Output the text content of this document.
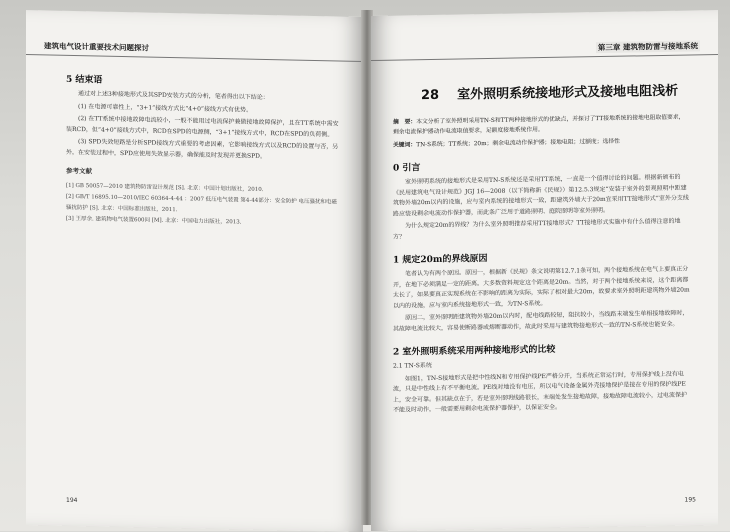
建筑电气设计重要技术问题探讨
5 结束语

通过对上述3种接地形式及其SPD安装方式的分析，笔者得出以下结论：

(1) 在电源可靠性上，“3+1”接线方式比“4+0”接线方式有优势。

(2) 在TT系统中接地故障电流较小，一般不能用过电流保护兼做接地故障保护，且在TT系统中需安装RCD，但“4+0”接线方式中，RCD在SPD的电源侧，“3+1”接线方式中，RCD在SPD的负荷侧。

(3) SPD失效短路是分析SPD接线方式重要的考虑因素，它影响接线方式以及RCD的设置与否，另外，在安装过程中，SPD应使用失效显示器，确保能及时发现并更换SPD。

参考文献

[1] GB 50057—2010 建筑物防雷设计规范 [S]. 北京：中国计划出版社，2010.

[2] GB/T 16895.10—2010/IEC 60364-4-44 ：2007 低压电气装置 第4-44部分：安全防护 电压骚扰和电磁骚扰防护 [S]. 北京：中国标准出版社，2011.

[3] 王厚余. 建筑物电气装置600问 [M]. 北京：中国电力出版社，2013.

194
第三章 建筑物防雷与接地系统
28 室外照明系统接地形式及接地电阻浅析

摘　要：本文分析了室外照明采用TN-S和TT两种接地形式的优缺点，并探讨了TT接地系统的接地电阻取值要求，剩余电流保护器动作电流取值要求，足额度接地系统作用。

关键词：TN-S系统；TT系统；20m；剩余电流动作保护器；接地电阻；过额度；选择性

0 引言

室外照明系统的接地形式是采用TN-S系统还是采用TT系统，一直是一个值得讨论的问题。根据新颁布的《民用建筑电气设计规范》JGJ 16—2008（以下简称新《民规》）第12.5.3规定“安装于室外的景观照明中距建筑物外墙20m以内的设施，应与室内系统的接地形式一致，距建筑外墙大于20m宜采用TT接地形式”室外分支线路应装设剩余电流动作保护器，而此条广泛用于道路照明、庭院照明等室外照明。

为什么规定20m的界线？为什么室外照明推荐采用TT接地形式？TT接地形式实施中有什么值得注意的地方？

1 规定20m的界线原因

笔者认为有两个原因。原因一，根据新《民规》条文说明第12.7.1条可知，两个接地系统在电气上要真正分开，在地下必须满足一定的距离。大多数资料规定这个距离是20m。当然，对于两个接地系统来说，这个距离都太长了，如果要真正实现系统在不影响的距离为实际，实际了相对最大20m，故要求室外照明距建筑物外墙20m以内的设施，应与室内系统接地形式一致，为TN-S系统。

原因二，室外照明距建筑物外墙20m以内时，配电线路较短，阻抗较小，当线路末端发生单相接地故障时，其故障电流比较大，容易使断路器或熔断器动作，故此时采用与建筑物接地形式一致的TN-S系统也能安全。

2 室外照明系统采用两种接地形式的比较

2.1 TN-S系统

如图1，TN-S接地形式是把中性线N和专用保护线PE严格分开，当系统正常运行时，专用保护线上没有电流，只是中性线上有不平衡电流。PE线对地没有电压，所以电气设备金属外壳接地保护是接在专用的保护线PE上，安全可靠。但其缺点在于，若是室外照明线路很长，末端处发生接地故障，接地故障电流较小，过电流保护不能及时动作，一般需要用剩余电流保护器保护，以保证安全。

195
